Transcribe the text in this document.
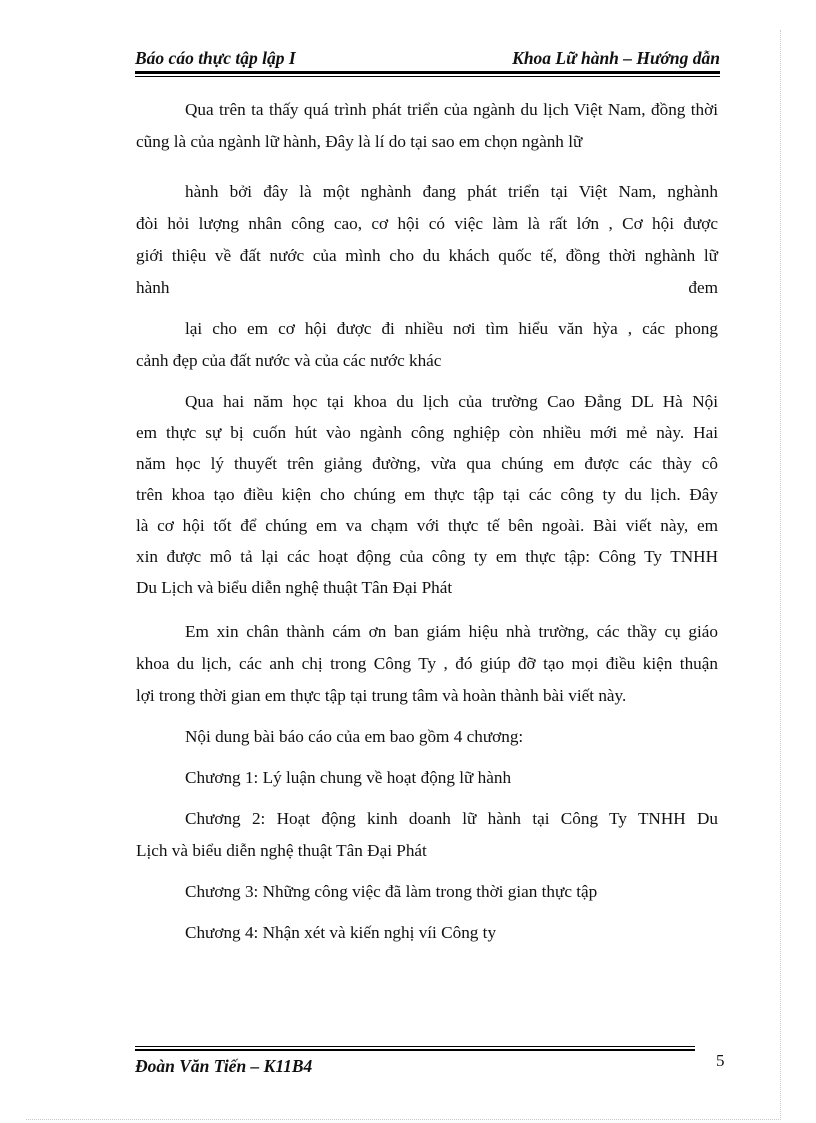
Báo cáo thực tập lập I	Khoa Lữ hành – Hướng dẫn

Qua trên ta thấy quá trình phát triển của ngành du lịch Việt Nam, đồng thời cũng là của ngành lữ hành, Đây là lí do tại sao em chọn ngành lữ

hành bởi đây là một nghành đang phát triển tại Việt Nam, nghành
đòi hỏi lượng nhân công cao, cơ hội có việc làm là rất lớn , Cơ hội được
giới thiệu về đất nước của mình cho du khách quốc tế, đồng thời nghành lữ
hành	đem
lại cho em cơ hội được đi nhiều nơi tìm hiểu văn hỳa , các phong
cảnh đẹp của đất nước và của các nước khác
Qua hai năm học tại khoa du lịch của trường Cao Đẳng DL Hà Nội
em thực sự bị cuốn hút vào ngành công nghiệp còn nhiều mới mẻ này. Hai
năm học lý thuyết trên giảng đường, vừa qua chúng em được các thày cô
trên khoa tạo điều kiện cho chúng em thực tập tại các công ty du lịch. Đây
là cơ hội tốt để chúng em va chạm với thực tế bên ngoài. Bài viết này, em
xin được mô tả lại các hoạt động của công ty em thực tập: Công Ty TNHH
Du Lịch và biểu diễn nghệ thuật Tân Đại Phát
Em xin chân thành cám ơn ban giám hiệu nhà trường, các thầy cụ giáo
khoa du lịch, các anh chị trong Công Ty , đó giúp đỡ tạo mọi điều kiện thuận
lợi trong thời gian em thực tập tại trung tâm và hoàn thành bài viết này.
Nội dung bài báo cáo của em bao gồm 4 chương:
Chương 1: Lý luận chung về hoạt động lữ hành
Chương 2: Hoạt động kinh doanh lữ hành tại Công Ty TNHH Du
Lịch và biểu diễn nghệ thuật Tân Đại Phát
Chương 3: Những công việc đã làm trong thời gian thực tập
Chương 4: Nhận xét và kiến nghị víi Công ty
Đoàn Văn Tiến – K11B4	5
